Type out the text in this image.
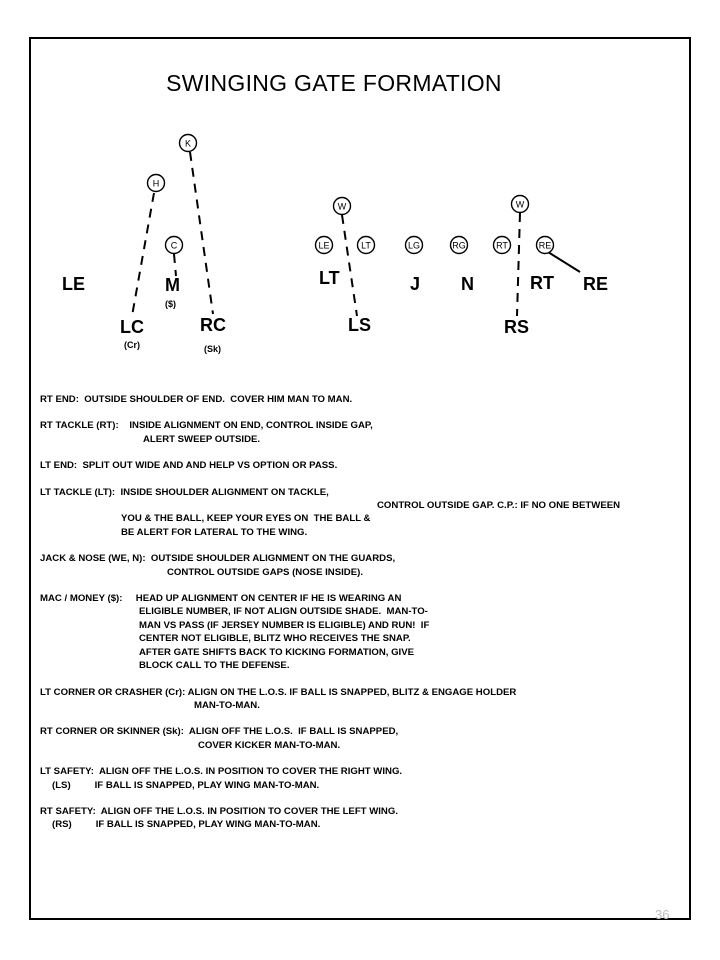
SWINGING GATE FORMATION
K
H
C
W
LE	LT	LG	RG	RT	RE
W
LE	M	LT	J N	RT RE
LC	RC	LS	RS
($)
(Cr)	(Sk)
RT END:  OUTSIDE SHOULDER OF END.  COVER HIM MAN TO MAN.
RT TACKLE (RT):    INSIDE ALIGNMENT ON END, CONTROL INSIDE GAP,
ALERT SWEEP OUTSIDE.
LT END:  SPLIT OUT WIDE AND AND HELP VS OPTION OR PASS.
LT TACKLE (LT):  INSIDE SHOULDER ALIGNMENT ON TACKLE,
CONTROL OUTSIDE GAP. C.P.: IF NO ONE BETWEEN
YOU & THE BALL, KEEP YOUR EYES ON  THE BALL &
BE ALERT FOR LATERAL TO THE WING.
JACK & NOSE (WE, N):  OUTSIDE SHOULDER ALIGNMENT ON THE GUARDS,
CONTROL OUTSIDE GAPS (NOSE INSIDE).
MAC / MONEY ($):     HEAD UP ALIGNMENT ON CENTER IF HE IS WEARING AN
ELIGIBLE NUMBER, IF NOT ALIGN OUTSIDE SHADE.  MAN-TO-
MAN VS PASS (IF JERSEY NUMBER IS ELIGIBLE) AND RUN!  IF
CENTER NOT ELIGIBLE, BLITZ WHO RECEIVES THE SNAP.
AFTER GATE SHIFTS BACK TO KICKING FORMATION, GIVE
BLOCK CALL TO THE DEFENSE.
LT CORNER OR CRASHER (Cr): ALIGN ON THE L.O.S. IF BALL IS SNAPPED, BLITZ & ENGAGE HOLDER
MAN-TO-MAN.
RT CORNER OR SKINNER (Sk):  ALIGN OFF THE L.O.S.  IF BALL IS SNAPPED,
COVER KICKER MAN-TO-MAN.
LT SAFETY:  ALIGN OFF THE L.O.S. IN POSITION TO COVER THE RIGHT WING.
(LS)         IF BALL IS SNAPPED, PLAY WING MAN-TO-MAN.
RT SAFETY:  ALIGN OFF THE L.O.S. IN POSITION TO COVER THE LEFT WING.
(RS)         IF BALL IS SNAPPED, PLAY WING MAN-TO-MAN.
36
